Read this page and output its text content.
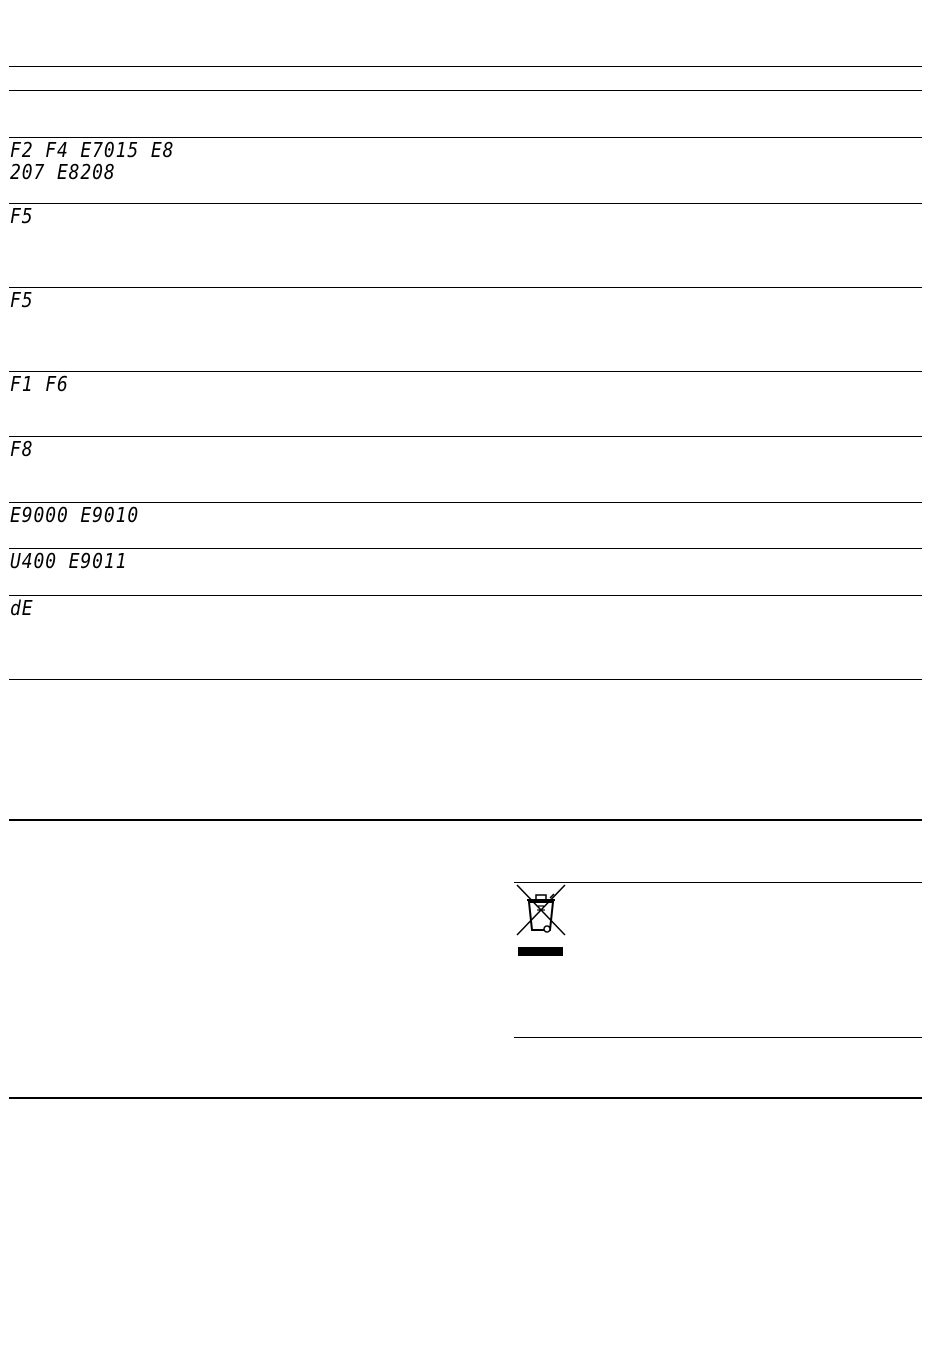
F2 F4 E7015 E8
207 E8208
F5
F5
F1 F6
F8
E9000 E9010
U400 E9011
dE
